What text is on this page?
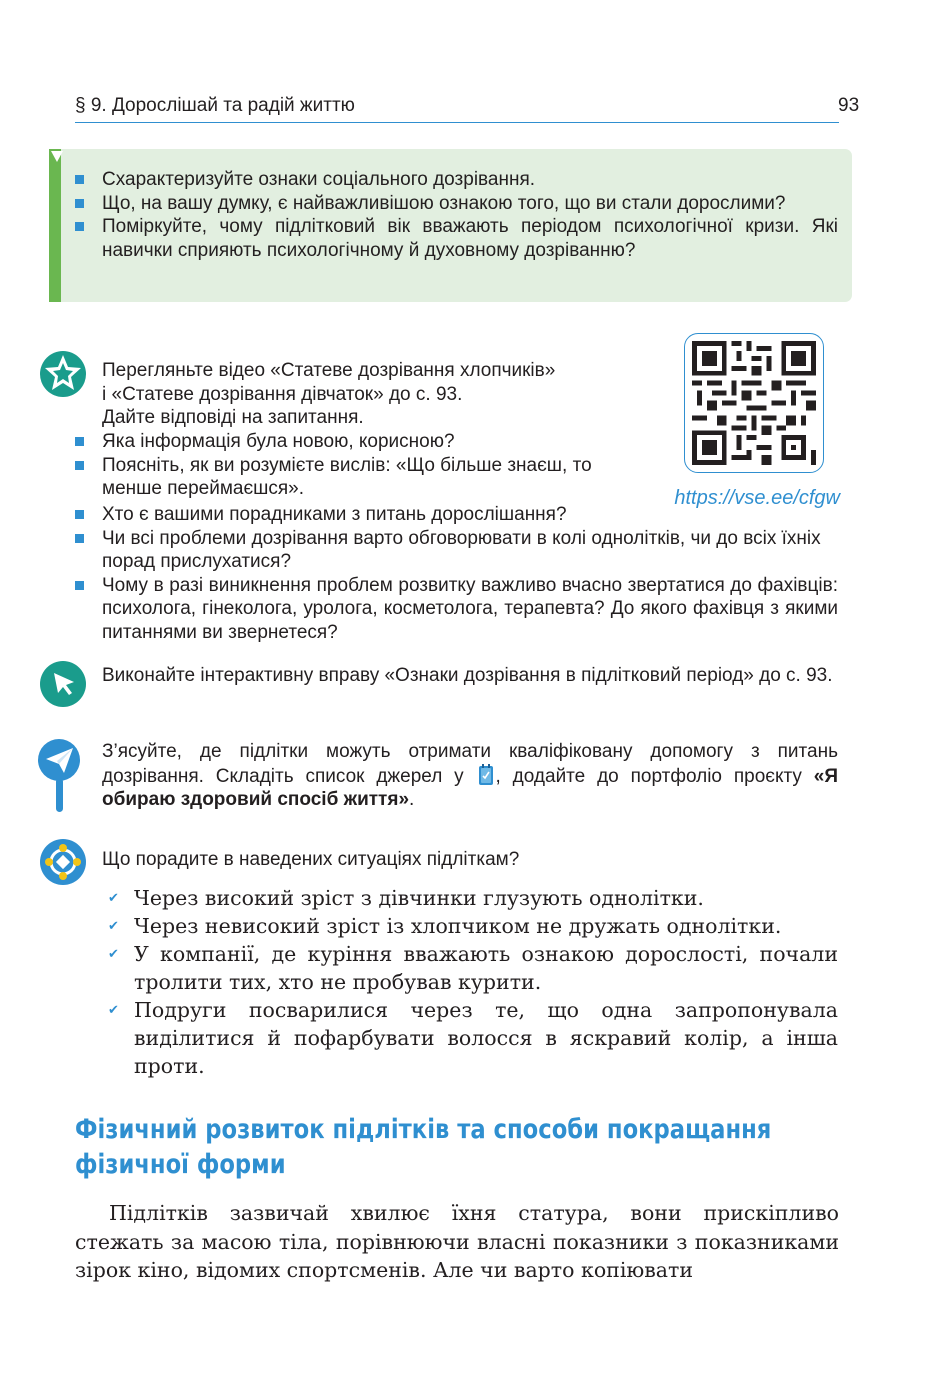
§ 9. Дорослішай та радій життю	93
Схарактеризуйте ознаки соціального дозрівання.
Що, на вашу думку, є найважливішою ознакою того, що ви стали дорослими?
Поміркуйте, чому підлітковий вік вважають періодом психологічної кризи. Які навички сприяють психологічному й духовному дозріванню?
Перегляньте відео «Статеве дозрівання хлопчиків»
і «Статеве дозрівання дівчаток» до с. 93.
Дайте відповіді на запитання.
Яка інформація була новою, корисною?
Поясніть, як ви розумієте вислів: «Що більше знаєш, то менше переймаєшся».
Хто є вашими порадниками з питань дорослішання?
Чи всі проблеми дозрівання варто обговорювати в колі однолітків, чи до всіх їхніх порад прислухатися?
Чому в разі виникнення проблем розвитку важливо вчасно звертатися до фахівців: психолога, гінеколога, уролога, косметолога, терапевта? До якого фахівця з якими питаннями ви звернетеся?
https://vse.ee/cfgw
Виконайте інтерактивну вправу «Ознаки дозрівання в підлітковий період» до с. 93.
З’ясуйте, де підлітки можуть отримати кваліфіковану допомогу з питань дозрівання. Складіть список джерел у , додайте до портфоліо проєкту «Я обираю здоровий спосіб життя».
Що порадите в наведених ситуаціях підліткам?
✔ Через високий зріст з дівчинки глузують однолітки.
✔ Через невисокий зріст із хлопчиком не дружать однолітки.
✔ У компанії, де куріння вважають ознакою дорослості, почали тролити тих, хто не пробував курити.
✔ Подруги посварилися через те, що одна запропонувала виділитися й пофарбувати волосся в яскравий колір, а інша проти.
Фізичний розвиток підлітків та способи покращання фізичної форми
Підлітків зазвичай хвилює їхня статура, вони прискіпливо стежать за масою тіла, порівнюючи власні показники з показниками зірок кіно, відомих спортсменів. Але чи варто копіювати
